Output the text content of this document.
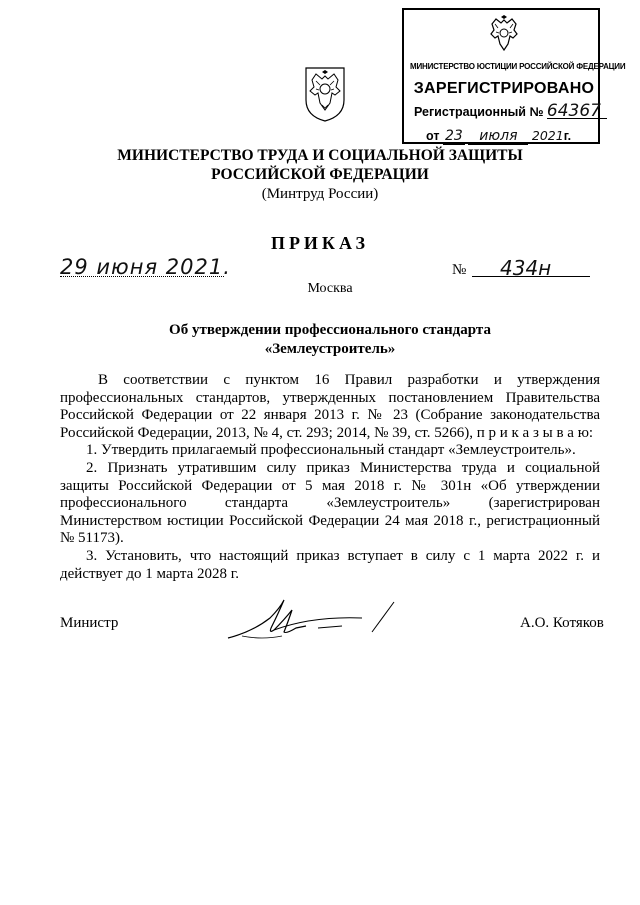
МИНИСТЕРСТВО ЮСТИЦИИ РОССИЙСКОЙ ФЕДЕРАЦИИ
ЗАРЕГИСТРИРОВАНО
Регистрационный № 64367
от 23 июля 2021г.
МИНИСТЕРСТВО ТРУДА И СОЦИАЛЬНОЙ ЗАЩИТЫ
РОССИЙСКОЙ ФЕДЕРАЦИИ
(Минтруд России)
ПРИКАЗ
29 июня 2021.	№ 434н
Москва
Об утверждении профессионального стандарта
«Землеустроитель»

В соответствии с пунктом 16 Правил разработки и утверждения профессиональных стандартов, утвержденных постановлением Правительства Российской Федерации от 22 января 2013 г. № 23 (Собрание законодательства Российской Федерации, 2013, № 4, ст. 293; 2014, № 39, ст. 5266), п р и к а з ы в а ю:

1. Утвердить прилагаемый профессиональный стандарт «Землеустроитель».

2. Признать утратившим силу приказ Министерства труда и социальной защиты Российской Федерации от 5 мая 2018 г. № 301н «Об утверждении профессионального стандарта «Землеустроитель» (зарегистрирован Министерством юстиции Российской Федерации 24 мая 2018 г., регистрационный № 51173).

3. Установить, что настоящий приказ вступает в силу с 1 марта 2022 г. и действует до 1 марта 2028 г.

Министр	А.О. Котяков
